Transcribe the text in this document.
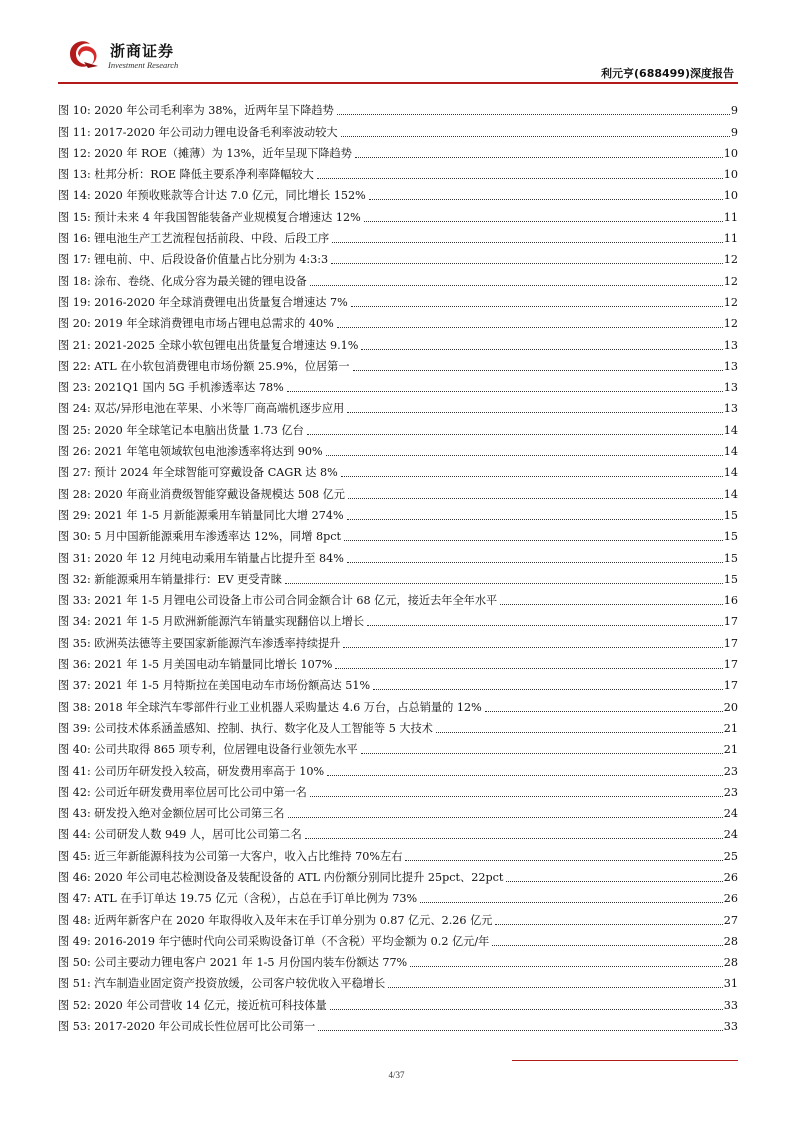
浙商证券
Investment Research
利元亨(688499)深度报告
图 10: 2020 年公司毛利率为 38%，近两年呈下降趋势	9
图 11: 2017-2020 年公司动力锂电设备毛利率波动较大	9
图 12: 2020 年 ROE（摊薄）为 13%，近年呈现下降趋势	10
图 13: 杜邦分析：ROE 降低主要系净利率降幅较大	10
图 14: 2020 年预收账款等合计达 7.0 亿元，同比增长 152%	10
图 15: 预计未来 4 年我国智能装备产业规模复合增速达 12%	11
图 16: 锂电池生产工艺流程包括前段、中段、后段工序	11
图 17: 锂电前、中、后段设备价值量占比分别为 4:3:3	12
图 18: 涂布、卷绕、化成分容为最关键的锂电设备	12
图 19: 2016-2020 年全球消费锂电出货量复合增速达 7%	12
图 20: 2019 年全球消费锂电市场占锂电总需求的 40%	12
图 21: 2021-2025 全球小软包锂电出货量复合增速达 9.1%	13
图 22: ATL 在小软包消费锂电市场份额 25.9%，位居第一	13
图 23: 2021Q1 国内 5G 手机渗透率达 78%	13
图 24: 双芯/异形电池在苹果、小米等厂商高端机逐步应用	13
图 25: 2020 年全球笔记本电脑出货量 1.73 亿台	14
图 26: 2021 年笔电领域软包电池渗透率将达到 90%	14
图 27: 预计 2024 年全球智能可穿戴设备 CAGR 达 8%	14
图 28: 2020 年商业消费级智能穿戴设备规模达 508 亿元	14
图 29: 2021 年 1-5 月新能源乘用车销量同比大增 274%	15
图 30: 5 月中国新能源乘用车渗透率达 12%，同增 8pct	15
图 31: 2020 年 12 月纯电动乘用车销量占比提升至 84%	15
图 32: 新能源乘用车销量排行：EV 更受青睐	15
图 33: 2021 年 1-5 月锂电公司设备上市公司合同金额合计 68 亿元，接近去年全年水平	16
图 34: 2021 年 1-5 月欧洲新能源汽车销量实现翻倍以上增长	17
图 35: 欧洲英法德等主要国家新能源汽车渗透率持续提升	17
图 36: 2021 年 1-5 月美国电动车销量同比增长 107%	17
图 37: 2021 年 1-5 月特斯拉在美国电动车市场份额高达 51%	17
图 38: 2018 年全球汽车零部件行业工业机器人采购量达 4.6 万台，占总销量的 12%	20
图 39: 公司技术体系涵盖感知、控制、执行、数字化及人工智能等 5 大技术	21
图 40: 公司共取得 865 项专利，位居锂电设备行业领先水平	21
图 41: 公司历年研发投入较高，研发费用率高于 10%	23
图 42: 公司近年研发费用率位居可比公司中第一名	23
图 43: 研发投入绝对金额位居可比公司第三名	24
图 44: 公司研发人数 949 人，居可比公司第二名	24
图 45: 近三年新能源科技为公司第一大客户，收入占比维持 70%左右	25
图 46: 2020 年公司电芯检测设备及装配设备的 ATL 内份额分别同比提升 25pct、22pct	26
图 47: ATL 在手订单达 19.75 亿元（含税），占总在手订单比例为 73%	26
图 48: 近两年新客户在 2020 年取得收入及年末在手订单分别为 0.87 亿元、2.26 亿元	27
图 49: 2016-2019 年宁德时代向公司采购设备订单（不含税）平均金额为 0.2 亿元/年	28
图 50: 公司主要动力锂电客户 2021 年 1-5 月份国内装车份额达 77%	28
图 51: 汽车制造业固定资产投资放缓，公司客户较优收入平稳增长	31
图 52: 2020 年公司营收 14 亿元，接近杭可科技体量	33
图 53: 2017-2020 年公司成长性位居可比公司第一	33
4/37
